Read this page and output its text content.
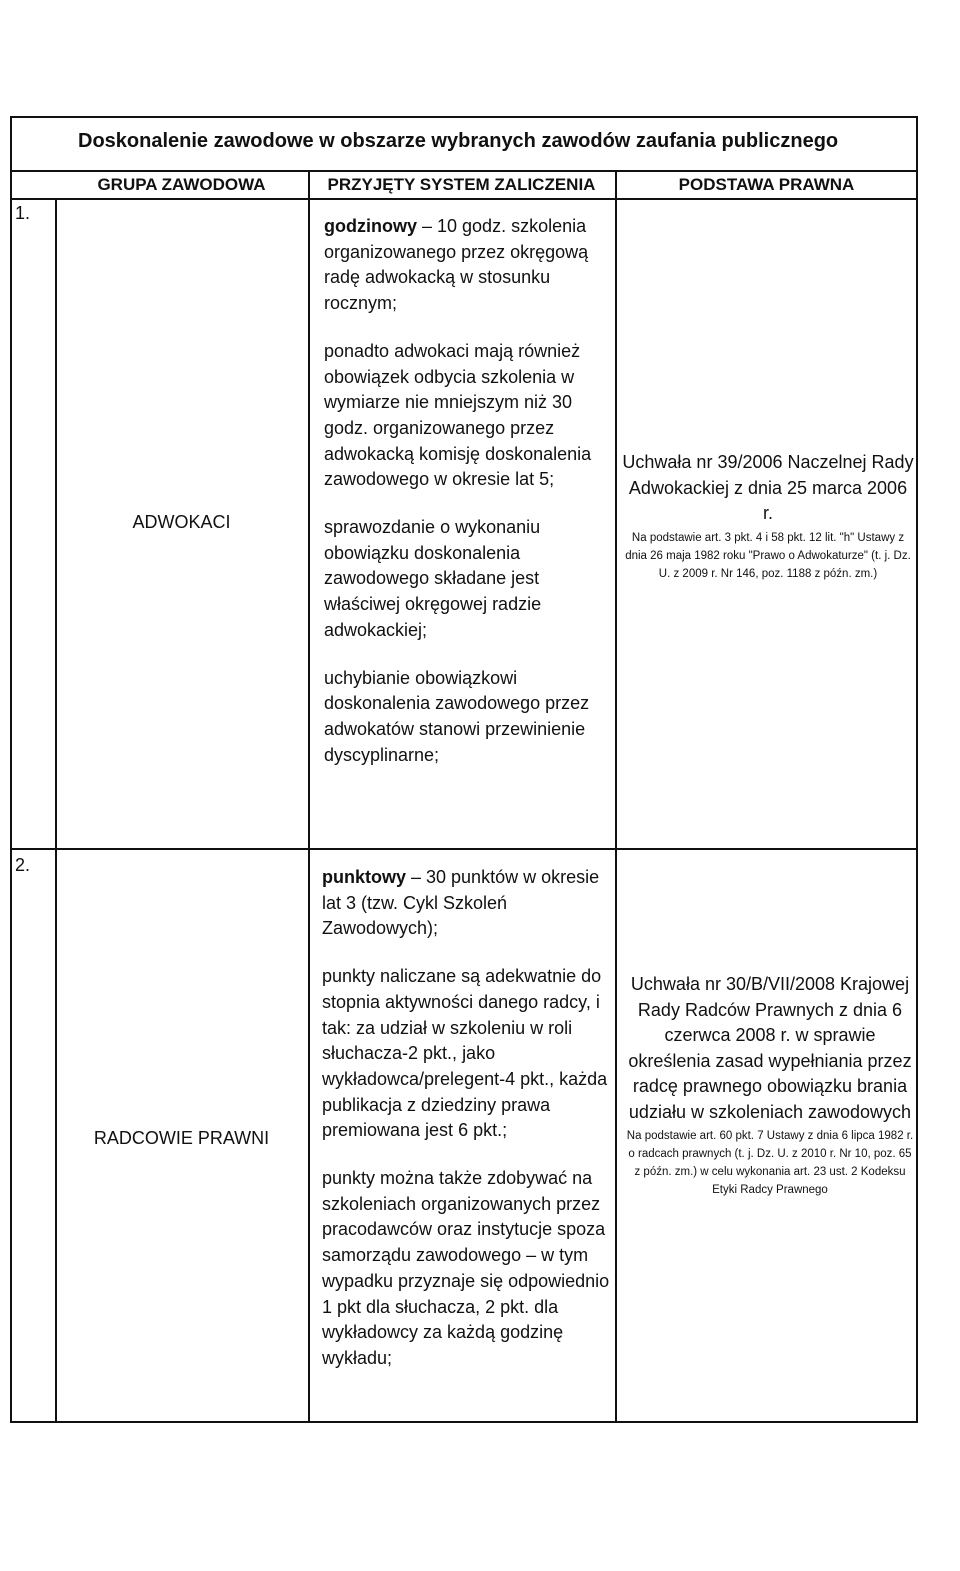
Doskonalenie zawodowe w obszarze wybranych zawodów zaufania publicznego
GRUPA ZAWODOWA	PRZYJĘTY SYSTEM ZALICZENIA	PODSTAWA PRAWNA
1.
ADWOKACI

godzinowy – 10 godz. szkolenia organizowanego przez okręgową radę adwokacką w stosunku rocznym;

ponadto adwokaci mają również obowiązek odbycia szkolenia w wymiarze nie mniejszym niż 30 godz. organizowanego przez adwokacką komisję doskonalenia zawodowego w okresie lat 5;

sprawozdanie o wykonaniu obowiązku doskonalenia zawodowego składane jest właściwej okręgowej radzie adwokackiej;

uchybianie obowiązkowi doskonalenia zawodowego przez adwokatów stanowi przewinienie dyscyplinarne;

Uchwała nr 39/2006 Naczelnej Rady Adwokackiej z dnia 25 marca 2006 r.

Na podstawie art. 3 pkt. 4 i 58 pkt. 12 lit. "h" Ustawy z dnia 26 maja 1982 roku "Prawo o Adwokaturze" (t. j. Dz. U. z 2009 r. Nr 146, poz. 1188 z późn. zm.)

2.
RADCOWIE PRAWNI

punktowy – 30 punktów w okresie lat 3 (tzw. Cykl Szkoleń Zawodowych);

punkty naliczane są adekwatnie do stopnia aktywności danego radcy, i tak: za udział w szkoleniu w roli słuchacza-2 pkt., jako wykładowca/prelegent-4 pkt., każda publikacja z dziedziny prawa premiowana jest 6 pkt.;

punkty można także zdobywać na szkoleniach organizowanych przez pracodawców oraz instytucje spoza samorządu zawodowego – w tym wypadku przyznaje się odpowiednio 1 pkt dla słuchacza, 2 pkt. dla wykładowcy za każdą godzinę wykładu;

Uchwała nr 30/B/VII/2008 Krajowej Rady Radców Prawnych z dnia 6 czerwca 2008 r. w sprawie określenia zasad wypełniania przez radcę prawnego obowiązku brania udziału w szkoleniach zawodowych

Na podstawie art. 60 pkt. 7 Ustawy z dnia 6 lipca 1982 r. o radcach prawnych (t. j. Dz. U. z 2010 r. Nr 10, poz. 65 z późn. zm.) w celu wykonania art. 23 ust. 2 Kodeksu Etyki Radcy Prawnego
